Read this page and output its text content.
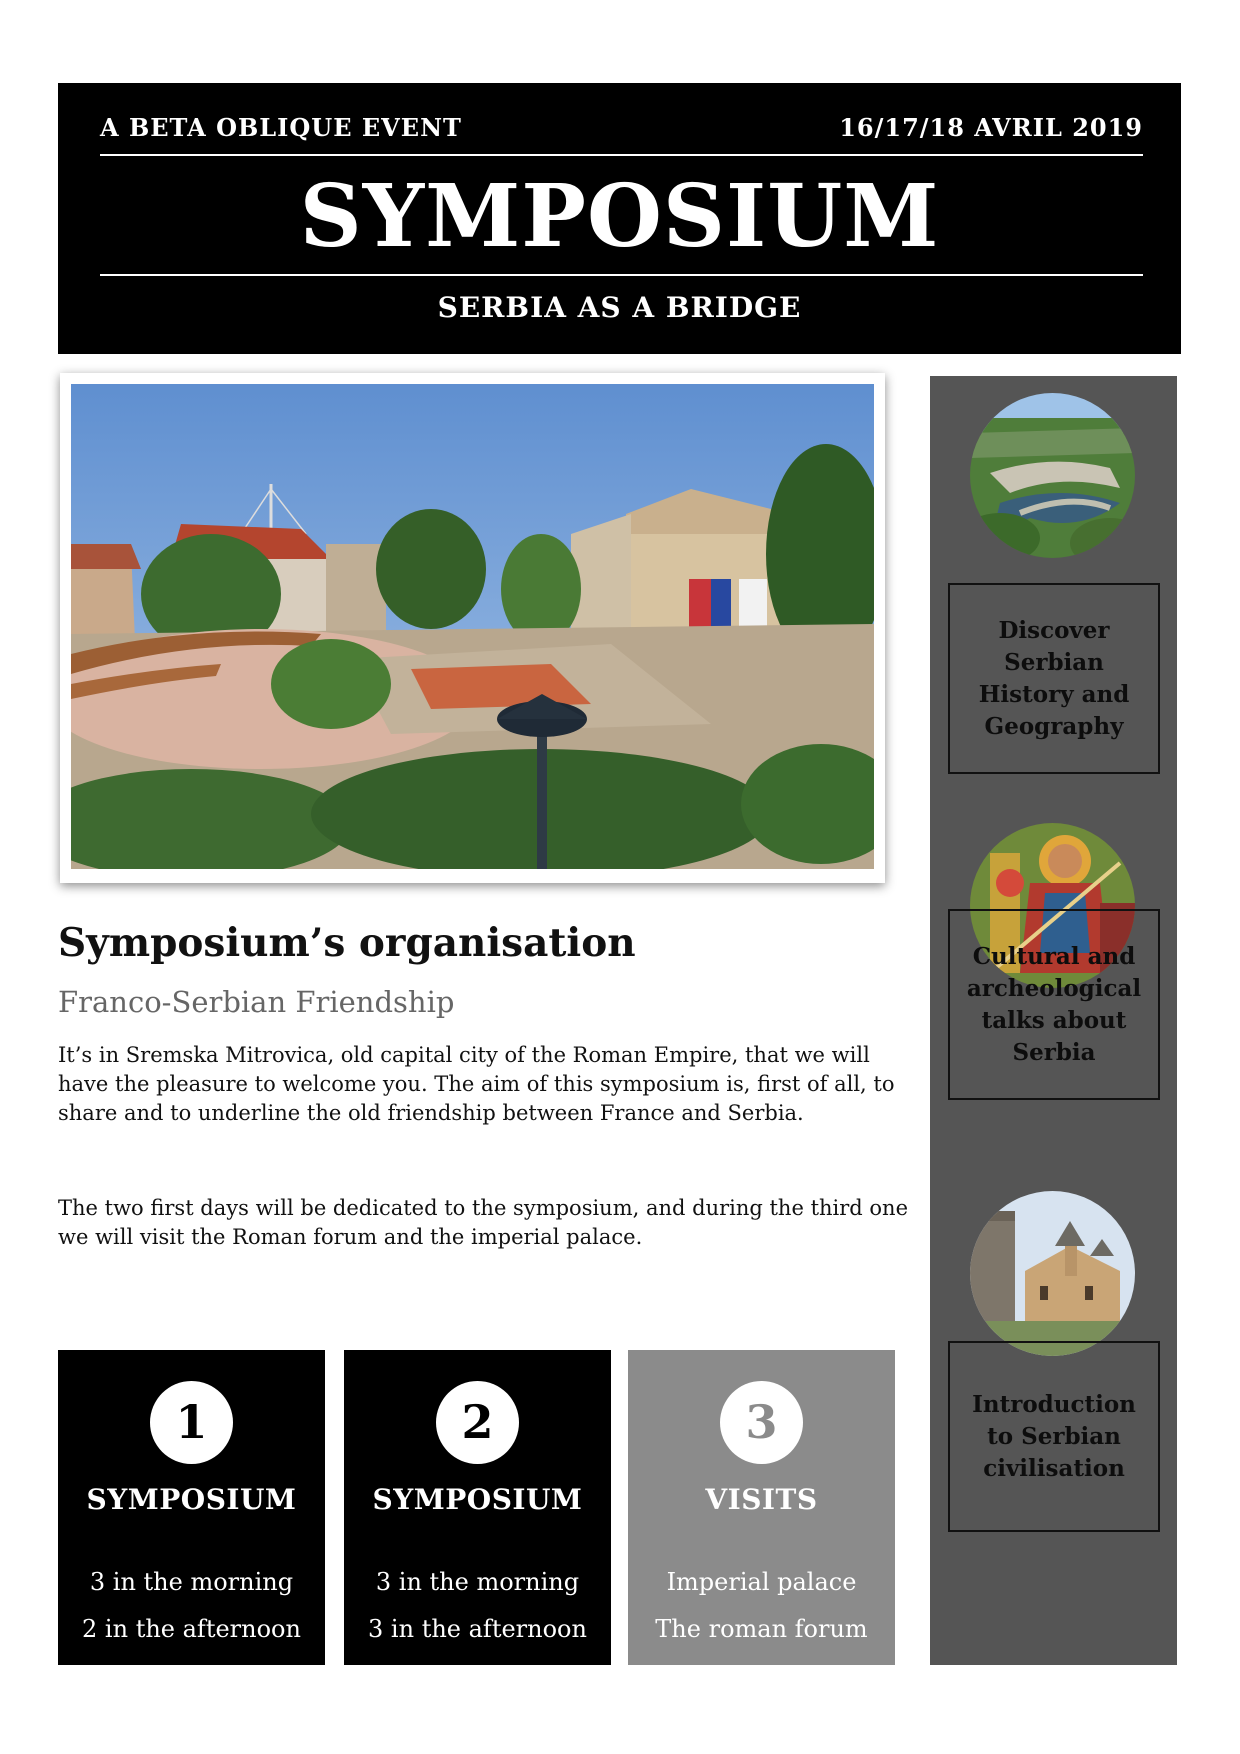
A BETA OBLIQUE EVENT	16/17/18 AVRIL 2019
SYMPOSIUM
SERBIA AS A BRIDGE
Symposium’s organisation
Franco-Serbian Friendship
It’s in Sremska Mitrovica, old capital city of the Roman Empire, that we will have the pleasure to welcome you. The aim of this symposium is, first of all, to share and to underline the old friendship between France and Serbia.
The two first days will be dedicated to the symposium, and during the third one we will visit the Roman forum and the imperial palace.
1
SYMPOSIUM
3 in the morning
2 in the afternoon
2
SYMPOSIUM
3 in the morning
3 in the afternoon
3
VISITS
Imperial palace
The roman forum
Discover Serbian History and Geography
Cultural and archeological talks about Serbia
Introduction to Serbian civilisation
